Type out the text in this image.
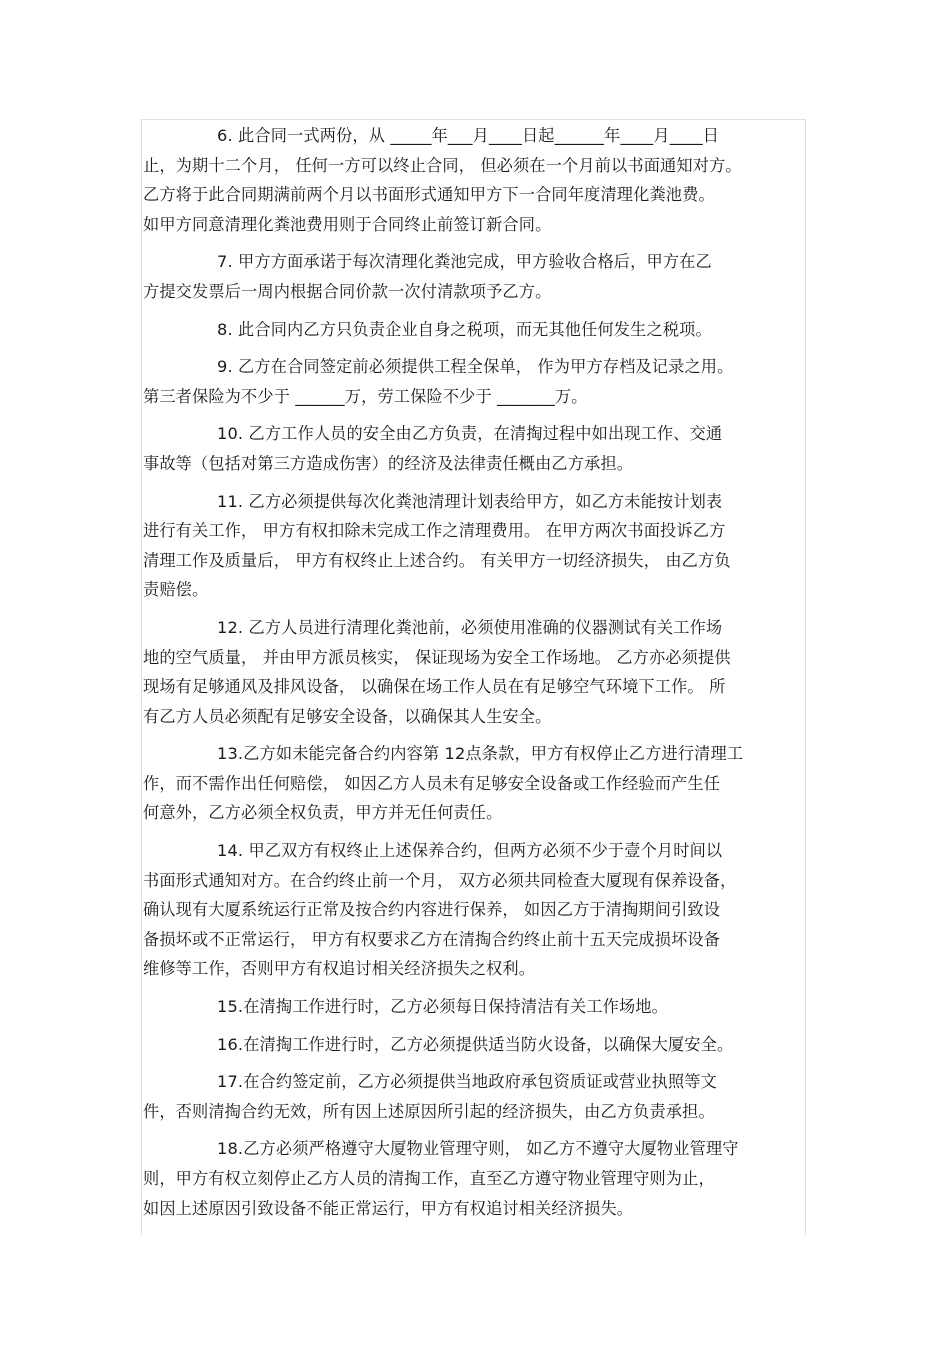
6. 此合同一式两份，从 _____年___月____日起______年____月____日
止，为期十二个月， 任何一方可以终止合同， 但必须在一个月前以书面通知对方。
乙方将于此合同期满前两个月以书面形式通知甲方下一合同年度清理化粪池费。
如甲方同意清理化粪池费用则于合同终止前签订新合同。
7. 甲方方面承诺于每次清理化粪池完成，甲方验收合格后，甲方在乙
方提交发票后一周内根据合同价款一次付清款项予乙方。
8. 此合同内乙方只负责企业自身之税项，而无其他任何发生之税项。
9. 乙方在合同签定前必须提供工程全保单， 作为甲方存档及记录之用。
第三者保险为不少于 ______万，劳工保险不少于 _______万。
10. 乙方工作人员的安全由乙方负责，在清掏过程中如出现工作、交通
事故等（包括对第三方造成伤害）的经济及法律责任概由乙方承担。
11. 乙方必须提供每次化粪池清理计划表给甲方，如乙方未能按计划表
进行有关工作， 甲方有权扣除未完成工作之清理费用。 在甲方两次书面投诉乙方
清理工作及质量后， 甲方有权终止上述合约。 有关甲方一切经济损失， 由乙方负
责赔偿。
12. 乙方人员进行清理化粪池前，必须使用准确的仪器测试有关工作场
地的空气质量， 并由甲方派员核实， 保证现场为安全工作场地。 乙方亦必须提供
现场有足够通风及排风设备， 以确保在场工作人员在有足够空气环境下工作。 所
有乙方人员必须配有足够安全设备，以确保其人生安全。
13.乙方如未能完备合约内容第 12点条款，甲方有权停止乙方进行清理工
作，而不需作出任何赔偿， 如因乙方人员未有足够安全设备或工作经验而产生任
何意外，乙方必须全权负责，甲方并无任何责任。
14. 甲乙双方有权终止上述保养合约，但两方必须不少于壹个月时间以
书面形式通知对方。在合约终止前一个月， 双方必须共同检查大厦现有保养设备，
确认现有大厦系统运行正常及按合约内容进行保养， 如因乙方于清掏期间引致设
备损坏或不正常运行， 甲方有权要求乙方在清掏合约终止前十五天完成损坏设备
维修等工作，否则甲方有权追讨相关经济损失之权利。
15.在清掏工作进行时，乙方必须每日保持清洁有关工作场地。
16.在清掏工作进行时，乙方必须提供适当防火设备，以确保大厦安全。
17.在合约签定前，乙方必须提供当地政府承包资质证或营业执照等文
件，否则清掏合约无效，所有因上述原因所引起的经济损失，由乙方负责承担。
18.乙方必须严格遵守大厦物业管理守则， 如乙方不遵守大厦物业管理守
则，甲方有权立刻停止乙方人员的清掏工作，直至乙方遵守物业管理守则为止，
如因上述原因引致设备不能正常运行，甲方有权追讨相关经济损失。
